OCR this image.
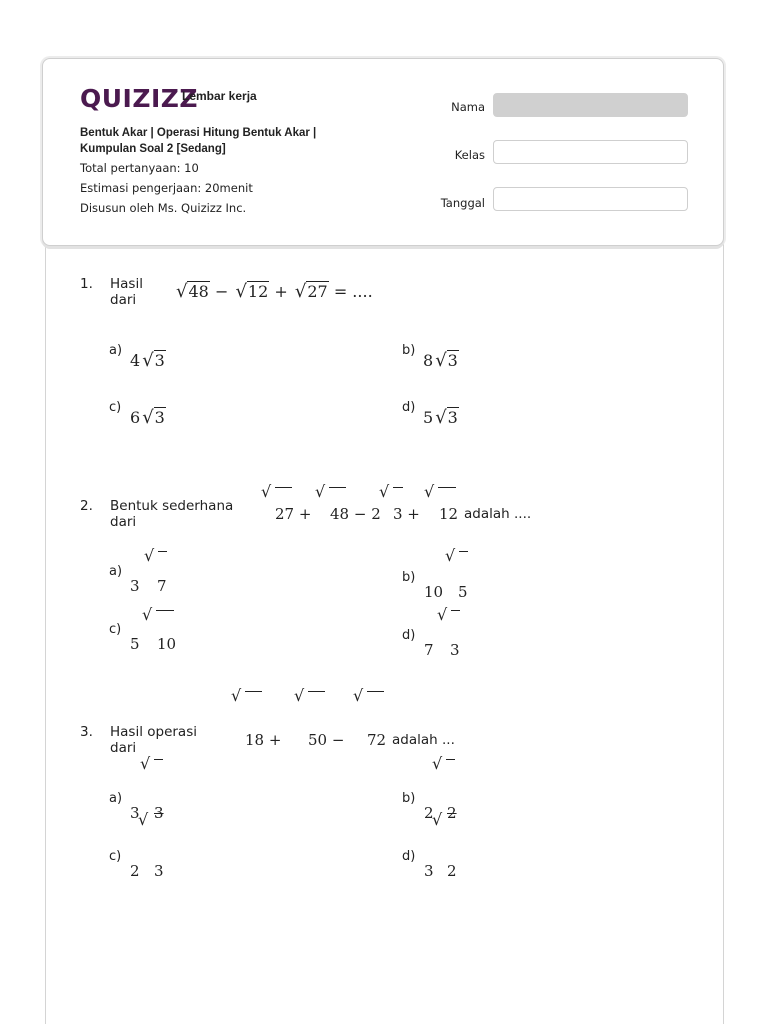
QUIZIZZ
Lembar kerja
Bentuk Akar | Operasi Hitung Bentuk Akar | Kumpulan Soal 2 [Sedang]
Total pertanyaan: 10
Estimasi pengerjaan: 20menit
Disusun oleh Ms. Quizizz Inc.
Nama
Kelas
Tanggal
1. Hasil dari	√48 − √12 + √27 = ....
a)
4 √3
b)
8 √3
c)
6 √3
d)
5 √3
2. Bentuk sederhana dari
√	√	√ √
27 + 48 − 2 3 + 12 adalah ....
a)
√
3 7	b)
√
10 5
c)
√
5 10	d)
√
7 3
3. Hasil operasi dari
√	√	√
18 + 50 − 72 adalah ...
a)
√
3
√ 3
b)
√
2
√ 2
c)
2 3
d)
3 2
